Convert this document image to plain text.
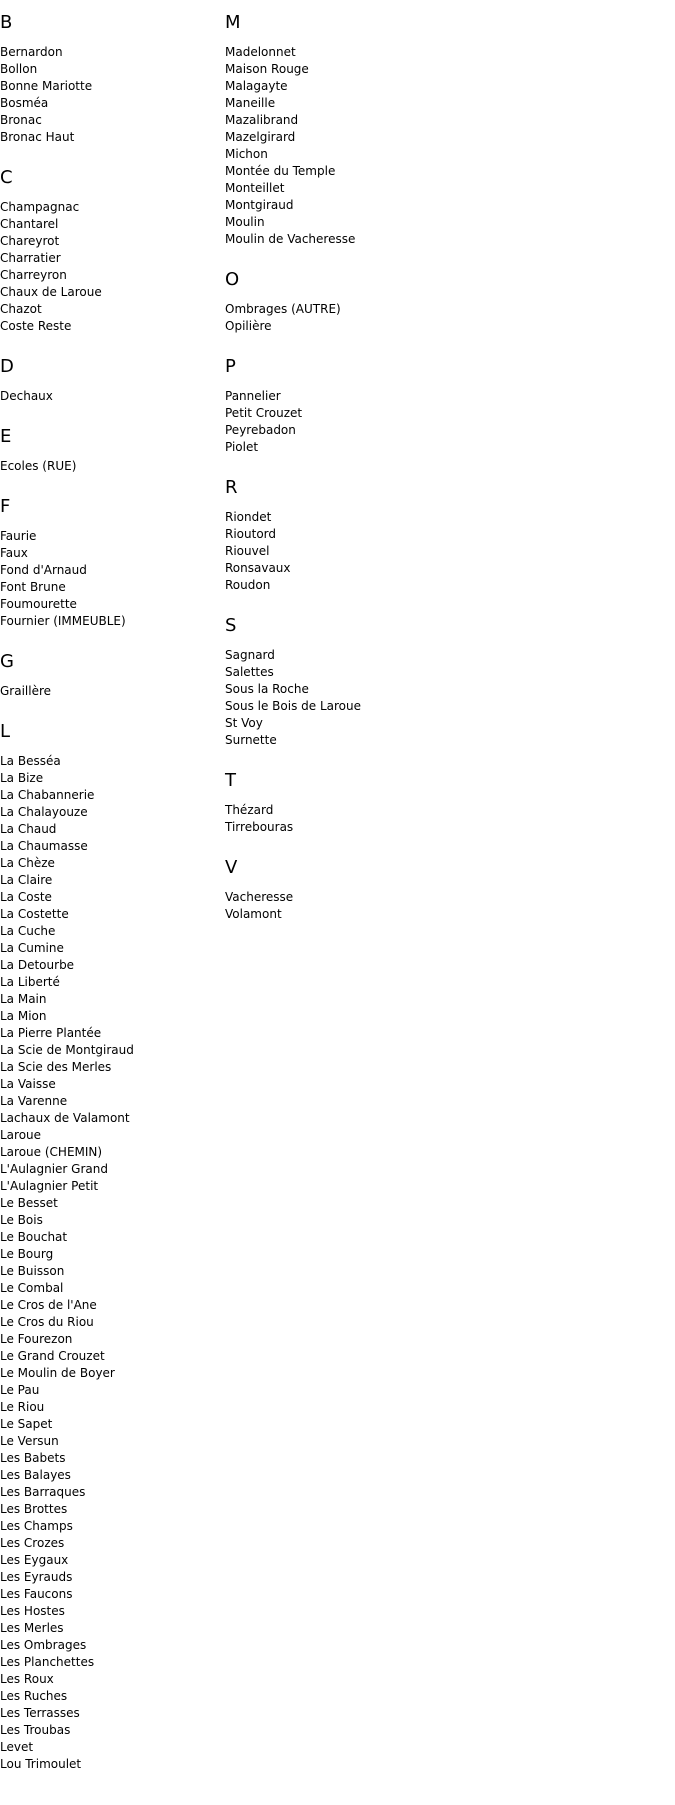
B
Bernardon
Bollon
Bonne Mariotte
Bosméa
Bronac
Bronac Haut
C
Champagnac
Chantarel
Chareyrot
Charratier
Charreyron
Chaux de Laroue
Chazot
Coste Reste
D
Dechaux
E
Ecoles (RUE)
F
Faurie
Faux
Fond d'Arnaud
Font Brune
Foumourette
Fournier (IMMEUBLE)
G
Graillère
L
La Besséa
La Bize
La Chabannerie
La Chalayouze
La Chaud
La Chaumasse
La Chèze
La Claire
La Coste
La Costette
La Cuche
La Cumine
La Detourbe
La Liberté
La Main
La Mion
La Pierre Plantée
La Scie de Montgiraud
La Scie des Merles
La Vaisse
La Varenne
Lachaux de Valamont
Laroue
Laroue (CHEMIN)
L'Aulagnier Grand
L'Aulagnier Petit
Le Besset
Le Bois
Le Bouchat
Le Bourg
Le Buisson
Le Combal
Le Cros de l'Ane
Le Cros du Riou
Le Fourezon
Le Grand Crouzet
Le Moulin de Boyer
Le Pau
Le Riou
Le Sapet
Le Versun
Les Babets
Les Balayes
Les Barraques
Les Brottes
Les Champs
Les Crozes
Les Eygaux
Les Eyrauds
Les Faucons
Les Hostes
Les Merles
Les Ombrages
Les Planchettes
Les Roux
Les Ruches
Les Terrasses
Les Troubas
Levet
Lou Trimoulet
M
Madelonnet
Maison Rouge
Malagayte
Maneille
Mazalibrand
Mazelgirard
Michon
Montée du Temple
Monteillet
Montgiraud
Moulin
Moulin de Vacheresse
O
Ombrages (AUTRE)
Opilière
P
Pannelier
Petit Crouzet
Peyrebadon
Piolet
R
Riondet
Rioutord
Riouvel
Ronsavaux
Roudon
S
Sagnard
Salettes
Sous la Roche
Sous le Bois de Laroue
St Voy
Surnette
T
Thézard
Tirrebouras
V
Vacheresse
Volamont
